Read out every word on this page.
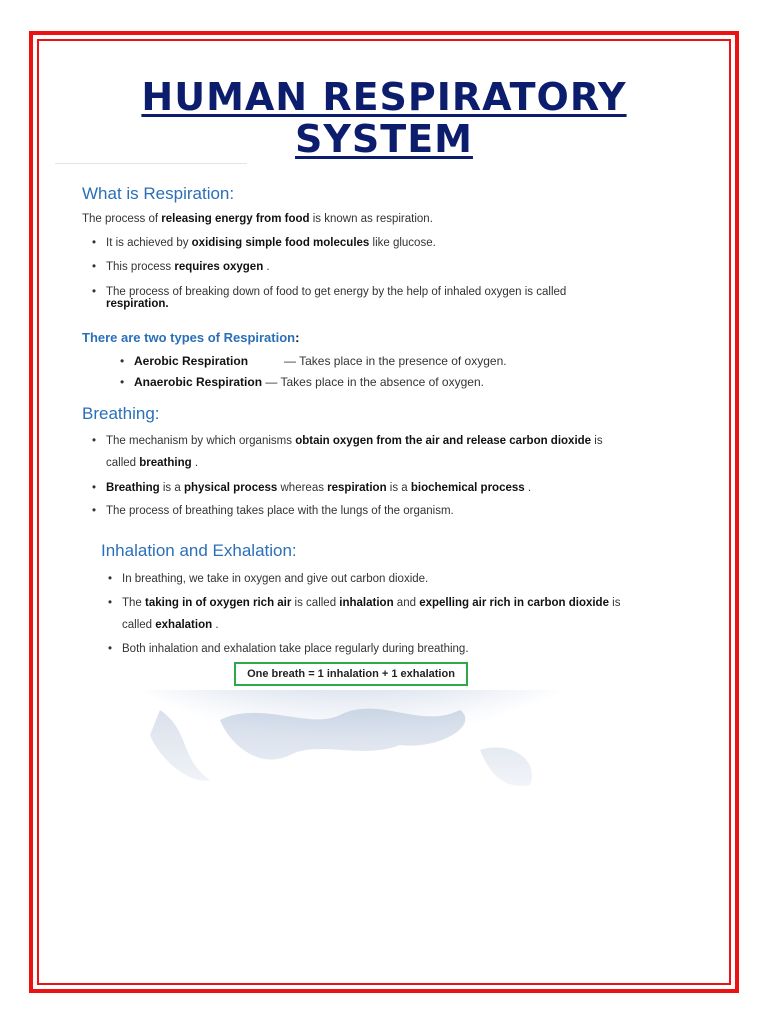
HUMAN RESPIRATORY
SYSTEM
What is Respiration:
The process of releasing energy from food is known as respiration.
• It is achieved by oxidising simple food molecules like glucose.
• This process requires oxygen .
• The process of breaking down of food to get energy by the help of inhaled oxygen is called
respiration.
There are two types of Respiration:
• Aerobic Respiration	— Takes place in the presence of oxygen.
• Anaerobic Respiration — Takes place in the absence of oxygen.
Breathing:
• The mechanism by which organisms obtain oxygen from the air and release carbon dioxide is
called breathing .
• Breathing is a physical process whereas respiration is a biochemical process .
• The process of breathing takes place with the lungs of the organism.
Inhalation and Exhalation:
• In breathing, we take in oxygen and give out carbon dioxide.
• The taking in of oxygen rich air is called inhalation and expelling air rich in carbon dioxide is
called exhalation .
• Both inhalation and exhalation take place regularly during breathing.
One breath = 1 inhalation + 1 exhalation
